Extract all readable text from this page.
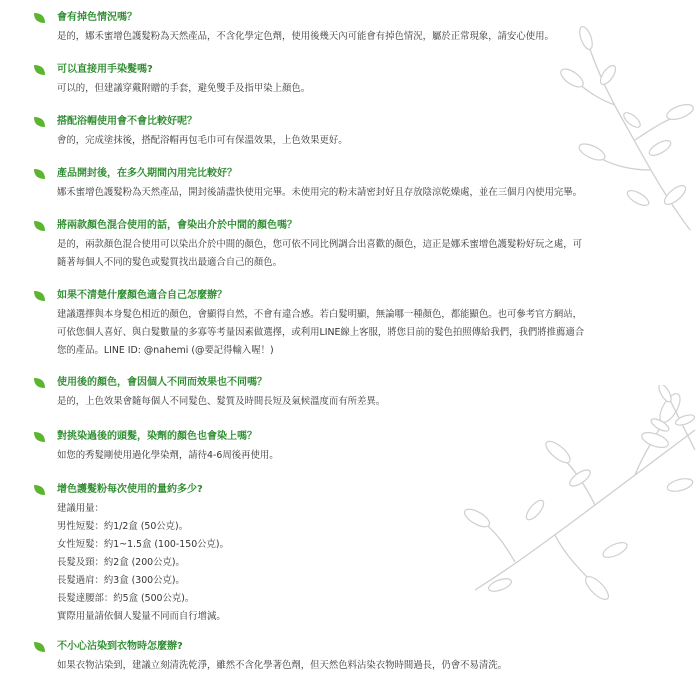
會有掉色情況嗎？
是的，娜禾蜜增色護髮粉為天然產品，不含化學定色劑，使用後幾天內可能會有掉色情況，屬於正常現象，請安心使用。
可以直接用手染髮嗎?
可以的，但建議穿戴附贈的手套，避免雙手及指甲染上顏色。
搭配浴帽使用會不會比較好呢？
會的，完成塗抹後，搭配浴帽再包毛巾可有保溫效果，上色效果更好。
產品開封後，在多久期間內用完比較好？
娜禾蜜增色護髮粉為天然產品，開封後請盡快使用完畢。未使用完的粉末請密封好且存放陰涼乾燥處，並在三個月內使用完畢。
將兩款顏色混合使用的話，會染出介於中間的顏色嗎？
是的，兩款顏色混合使用可以染出介於中間的顏色，您可依不同比例調合出喜歡的顏色，這正是娜禾蜜增色護髮粉好玩之處，可
隨著每個人不同的髮色或髮質找出最適合自己的顏色。
如果不清楚什麼顏色適合自己怎麼辦？
建議選擇與本身髮色相近的顏色，會顯得自然，不會有違合感。若白髮明顯，無論哪一種顏色，都能顯色。也可參考官方網站，
可依您個人喜好、與白髮數量的多寡等考量因素做選擇，或利用LINE線上客服，將您目前的髮色拍照傳給我們，我們將推薦適合
您的產品。LINE ID: @nahemi (@要記得輸入喔！)
使用後的顏色，會因個人不同而效果也不同嗎？
是的，上色效果會隨每個人不同髮色、髮質及時間長短及氣候溫度而有所差異。
對挑染過後的頭髮，染劑的顏色也會染上嗎？
如您的秀髮剛使用過化學染劑，請待4-6周後再使用。
增色護髮粉每次使用的量約多少?
建議用量：
男性短髮：約1/2盒 (50公克)。
女性短髮：約1~1.5盒 (100-150公克)。
長髮及頸：約2盒 (200公克)。
長髮過肩：約3盒 (300公克)。
長髮達腰部：約5盒 (500公克)。
實際用量請依個人髮量不同而自行增減。
不小心沾染到衣物時怎麼辦?
如果衣物沾染到，建議立刻清洗乾淨，雖然不含化學著色劑，但天然色料沾染衣物時間過長，仍會不易清洗。
